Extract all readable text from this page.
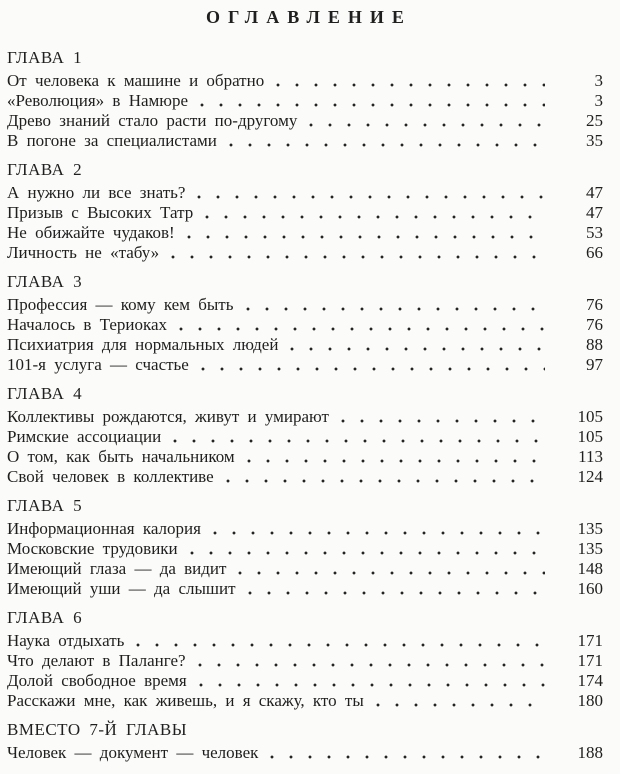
ОГЛАВЛЕНИЕ
ГЛАВА 1
От человека к машине и обратно	3
«Революция» в Намюре	3
Древо знаний стало расти по-другому	25
В погоне за специалистами	35
ГЛАВА 2
А нужно ли все знать?	47
Призыв с Высоких Татр	47
Не обижайте чудаков!	53
Личность не «табу»	66
ГЛАВА 3
Профессия — кому кем быть	76
Началось в Териоках	76
Психиатрия для нормальных людей	88
101-я услуга — счастье	97
ГЛАВА 4
Коллективы рождаются, живут и умирают	105
Римские ассоциации	105
О том, как быть начальником	113
Свой человек в коллективе	124
ГЛАВА 5
Информационная калория	135
Московские трудовики	135
Имеющий глаза — да видит	148
Имеющий уши — да слышит	160
ГЛАВА 6
Наука отдыхать	171
Что делают в Паланге?	171
Долой свободное время	174
Расскажи мне, как живешь, и я скажу, кто ты	180
ВМЕСТО 7-Й ГЛАВЫ
Человек — документ — человек	188
